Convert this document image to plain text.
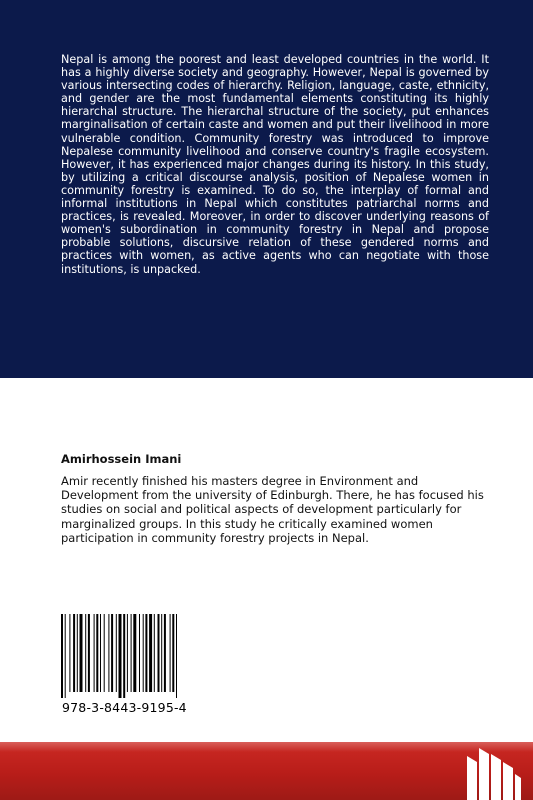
Nepal is among the poorest and least developed countries in the world. It has a highly diverse society and geography. However, Nepal is governed by various intersecting codes of hierarchy. Religion, language, caste, ethnicity, and gender are the most fundamental elements constituting its highly hierarchal structure. The hierarchal structure of the society, put enhances marginalisation of certain caste and women and put their livelihood in more vulnerable condition. Community forestry was introduced to improve Nepalese community livelihood and conserve country's fragile ecosystem. However, it has experienced major changes during its history. In this study, by utilizing a critical discourse analysis, position of Nepalese women in community forestry is examined. To do so, the interplay of formal and informal institutions in Nepal which constitutes patriarchal norms and practices, is revealed. Moreover, in order to discover underlying reasons of women's subordination in community forestry in Nepal and propose probable solutions, discursive relation of these gendered norms and practices with women, as active agents who can negotiate with those institutions, is unpacked.

Amirhossein Imani

Amir recently finished his masters degree in Environment and Development from the university of Edinburgh. There, he has focused his studies on social and political aspects of development particularly for marginalized groups. In this study he critically examined women participation in community forestry projects in Nepal.

978-3-8443-9195-4
